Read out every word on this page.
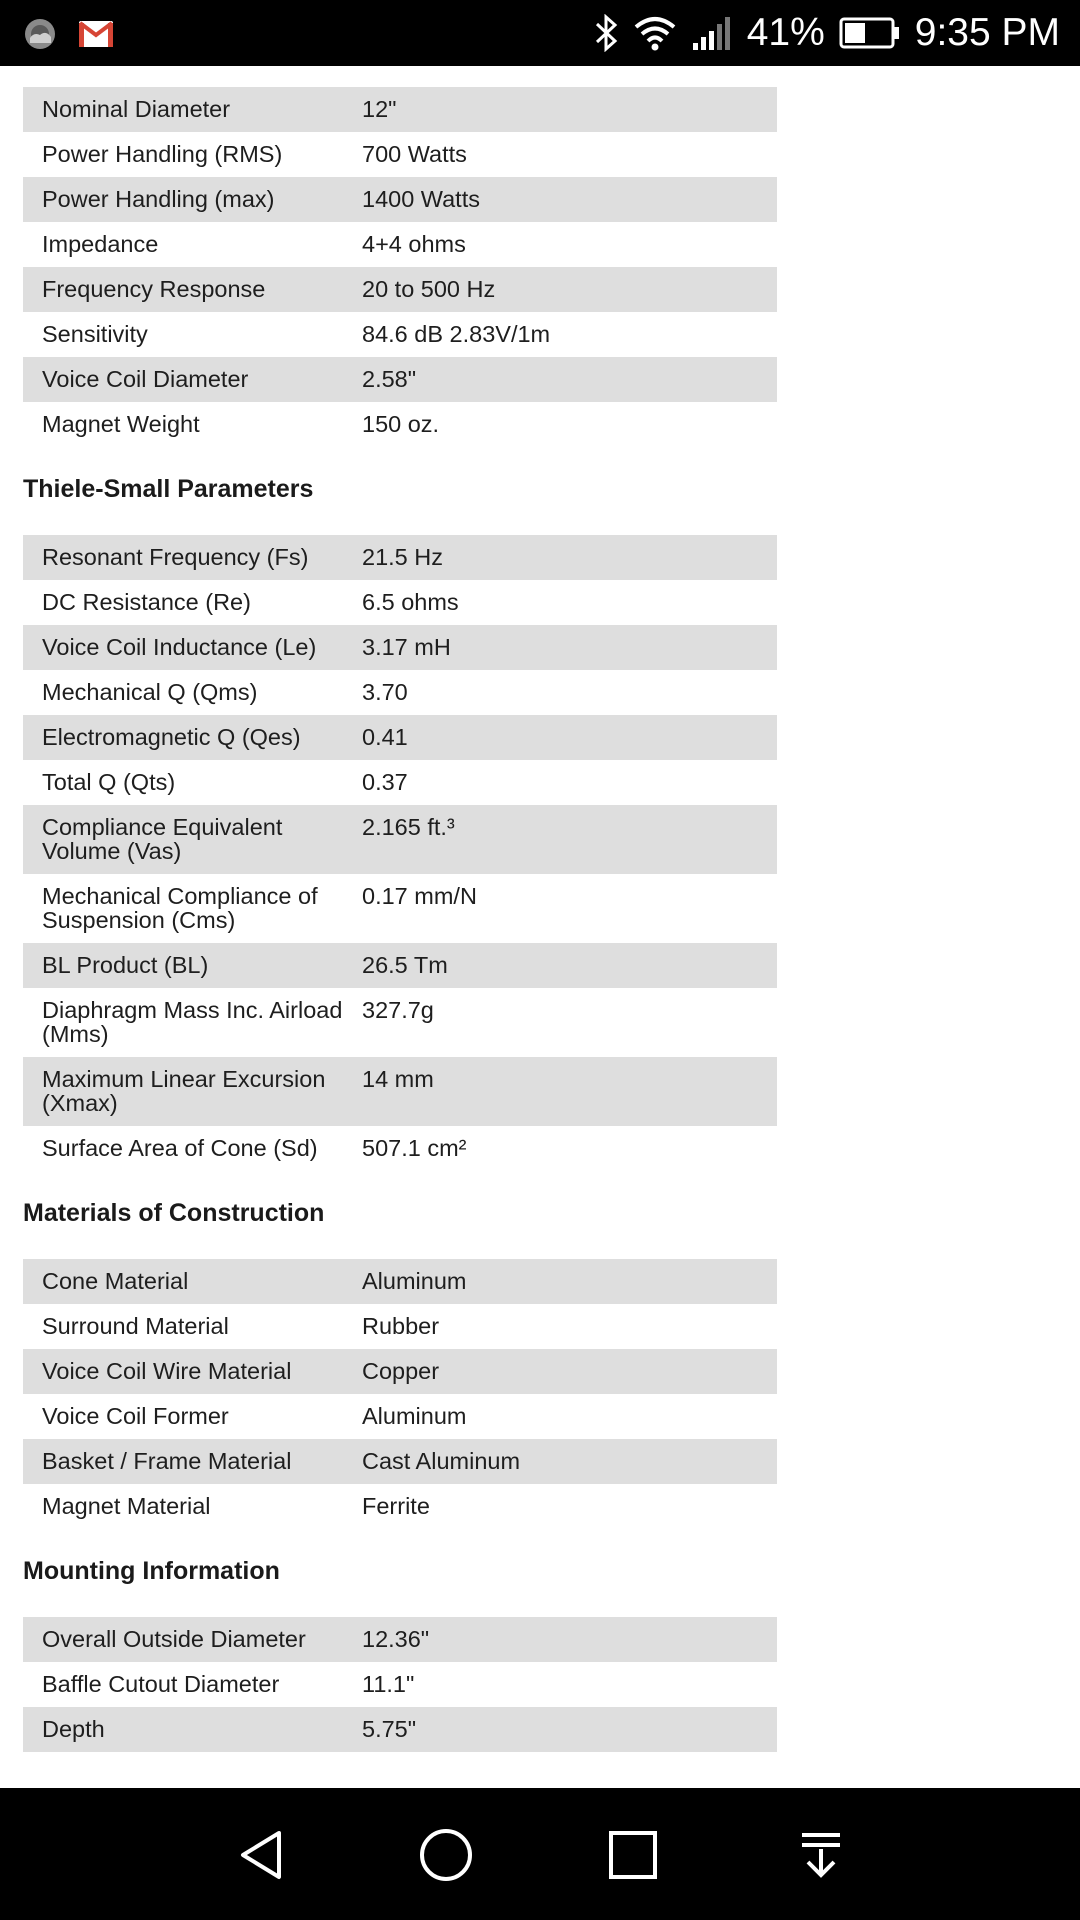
41% 9:35 PM
Nominal Diameter	12"
Power Handling (RMS)	700 Watts
Power Handling (max)	1400 Watts
Impedance	4+4 ohms
Frequency Response	20 to 500 Hz
Sensitivity	84.6 dB 2.83V/1m
Voice Coil Diameter	2.58"
Magnet Weight	150 oz.
Thiele-Small Parameters
Resonant Frequency (Fs)	21.5 Hz
DC Resistance (Re)	6.5 ohms
Voice Coil Inductance (Le)	3.17 mH
Mechanical Q (Qms)	3.70
Electromagnetic Q (Qes)	0.41
Total Q (Qts)	0.37
Compliance Equivalent Volume (Vas)	2.165 ft.³
Mechanical Compliance of Suspension (Cms)	0.17 mm/N
BL Product (BL)	26.5 Tm
Diaphragm Mass Inc. Airload (Mms)	327.7g
Maximum Linear Excursion (Xmax)	14 mm
Surface Area of Cone (Sd)	507.1 cm²
Materials of Construction
Cone Material	Aluminum
Surround Material	Rubber
Voice Coil Wire Material	Copper
Voice Coil Former	Aluminum
Basket / Frame Material	Cast Aluminum
Magnet Material	Ferrite
Mounting Information
Overall Outside Diameter	12.36"
Baffle Cutout Diameter	11.1"
Depth	5.75"
